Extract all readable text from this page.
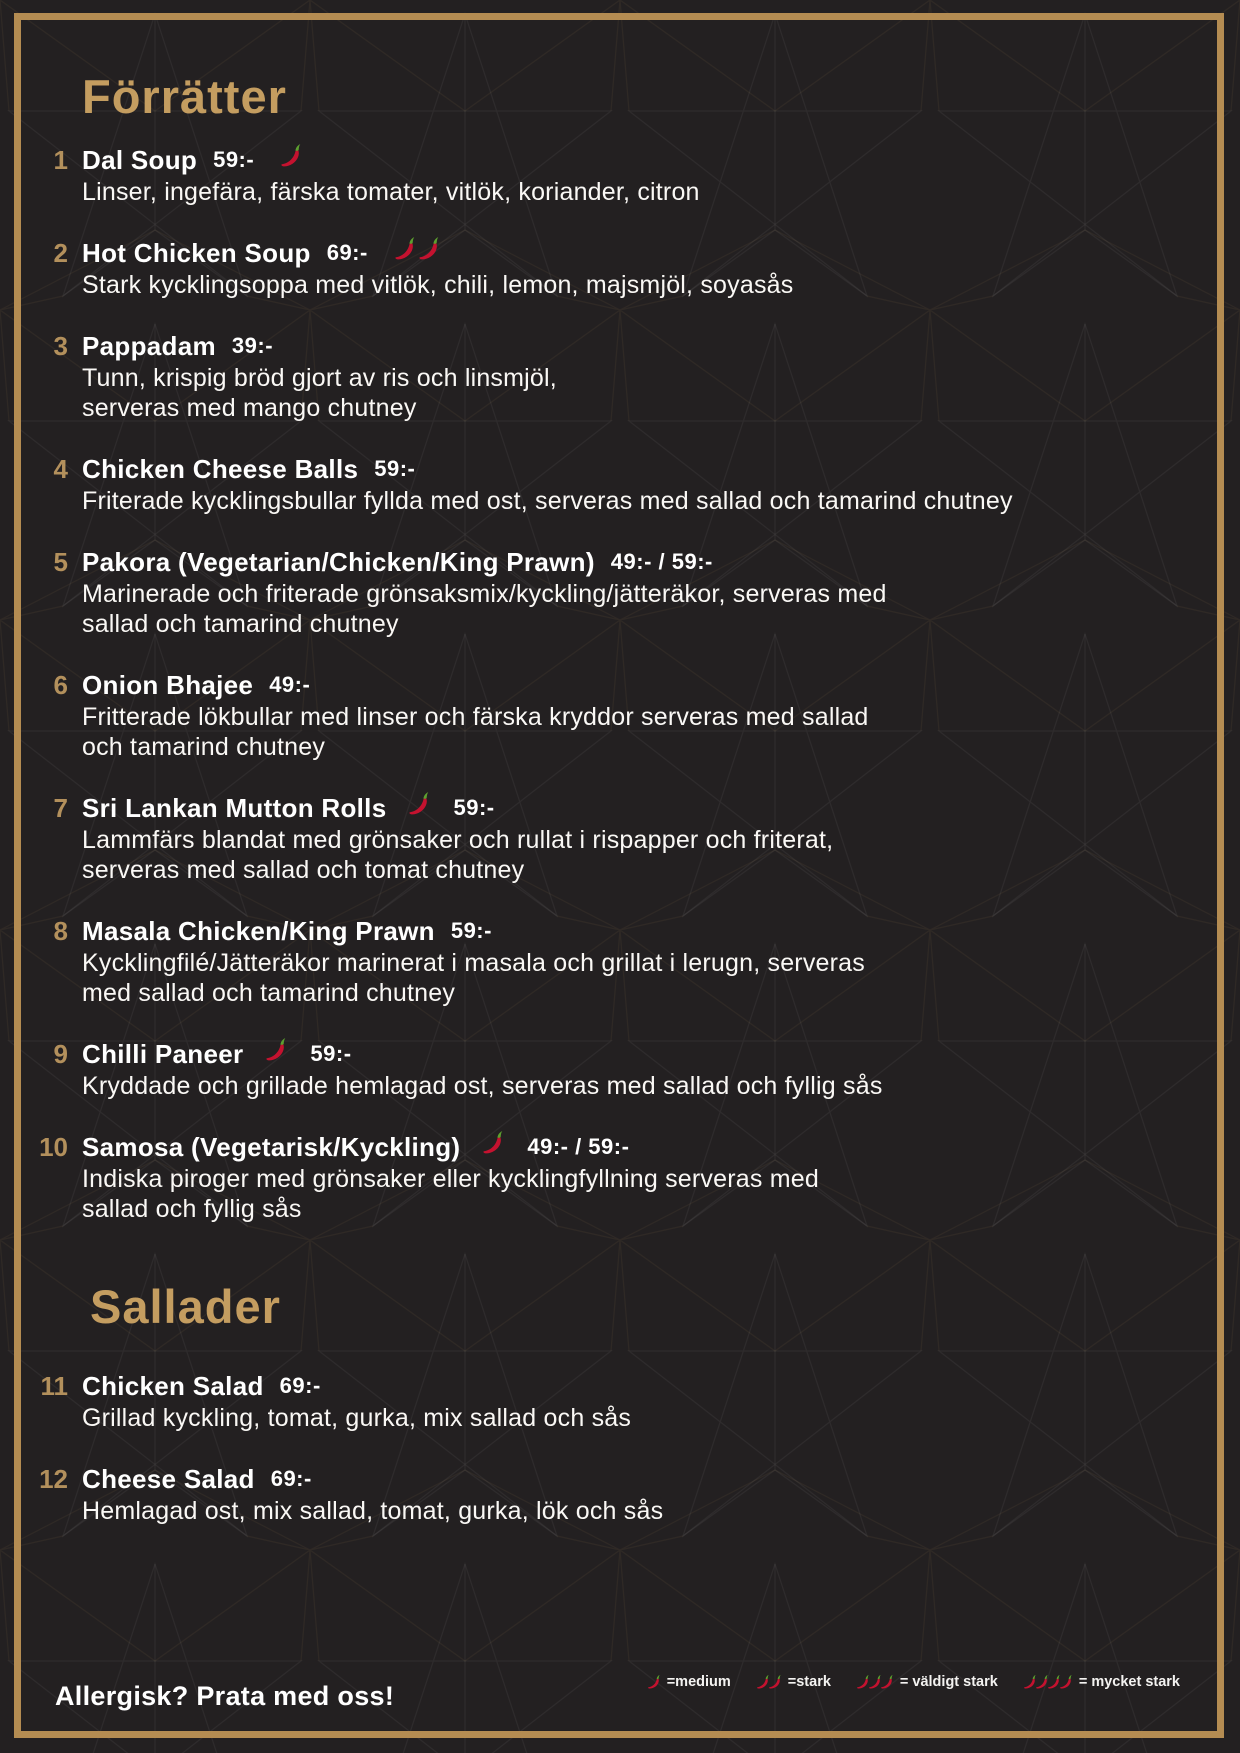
Förrätter
1 Dal Soup 59:-
Linser, ingefära, färska tomater, vitlök, koriander, citron
2 Hot Chicken Soup 69:-
Stark kycklingsoppa med vitlök, chili, lemon, majsmjöl, soyasås
3 Pappadam 39:-
Tunn, krispig bröd gjort av ris och linsmjöl,
serveras med mango chutney
4 Chicken Cheese Balls 59:-
Friterade kycklingsbullar fyllda med ost, serveras med sallad och tamarind chutney
5 Pakora (Vegetarian/Chicken/King Prawn) 49:- / 59:-
Marinerade och friterade grönsaksmix/kyckling/jätteräkor, serveras med
sallad och tamarind chutney
6 Onion Bhajee 49:-
Fritterade lökbullar med linser och färska kryddor serveras med sallad
och tamarind chutney
7 Sri Lankan Mutton Rolls	59:-
Lammfärs blandat med grönsaker och rullat i rispapper och friterat,
serveras med sallad och tomat chutney
8 Masala Chicken/King Prawn 59:-
Kycklingfilé/Jätteräkor marinerat i masala och grillat i lerugn, serveras
med sallad och tamarind chutney
9 Chilli Paneer	59:-
Kryddade och grillade hemlagad ost, serveras med sallad och fyllig sås
10 Samosa (Vegetarisk/Kyckling)	49:- / 59:-
Indiska piroger med grönsaker eller kycklingfyllning serveras med
sallad och fyllig sås
Sallader
11 Chicken Salad 69:-
Grillad kyckling, tomat, gurka, mix sallad och sås
12 Cheese Salad 69:-
Hemlagad ost, mix sallad, tomat, gurka, lök och sås
Allergisk? Prata med oss!	=medium	=stark	= väldigt stark	= mycket stark
